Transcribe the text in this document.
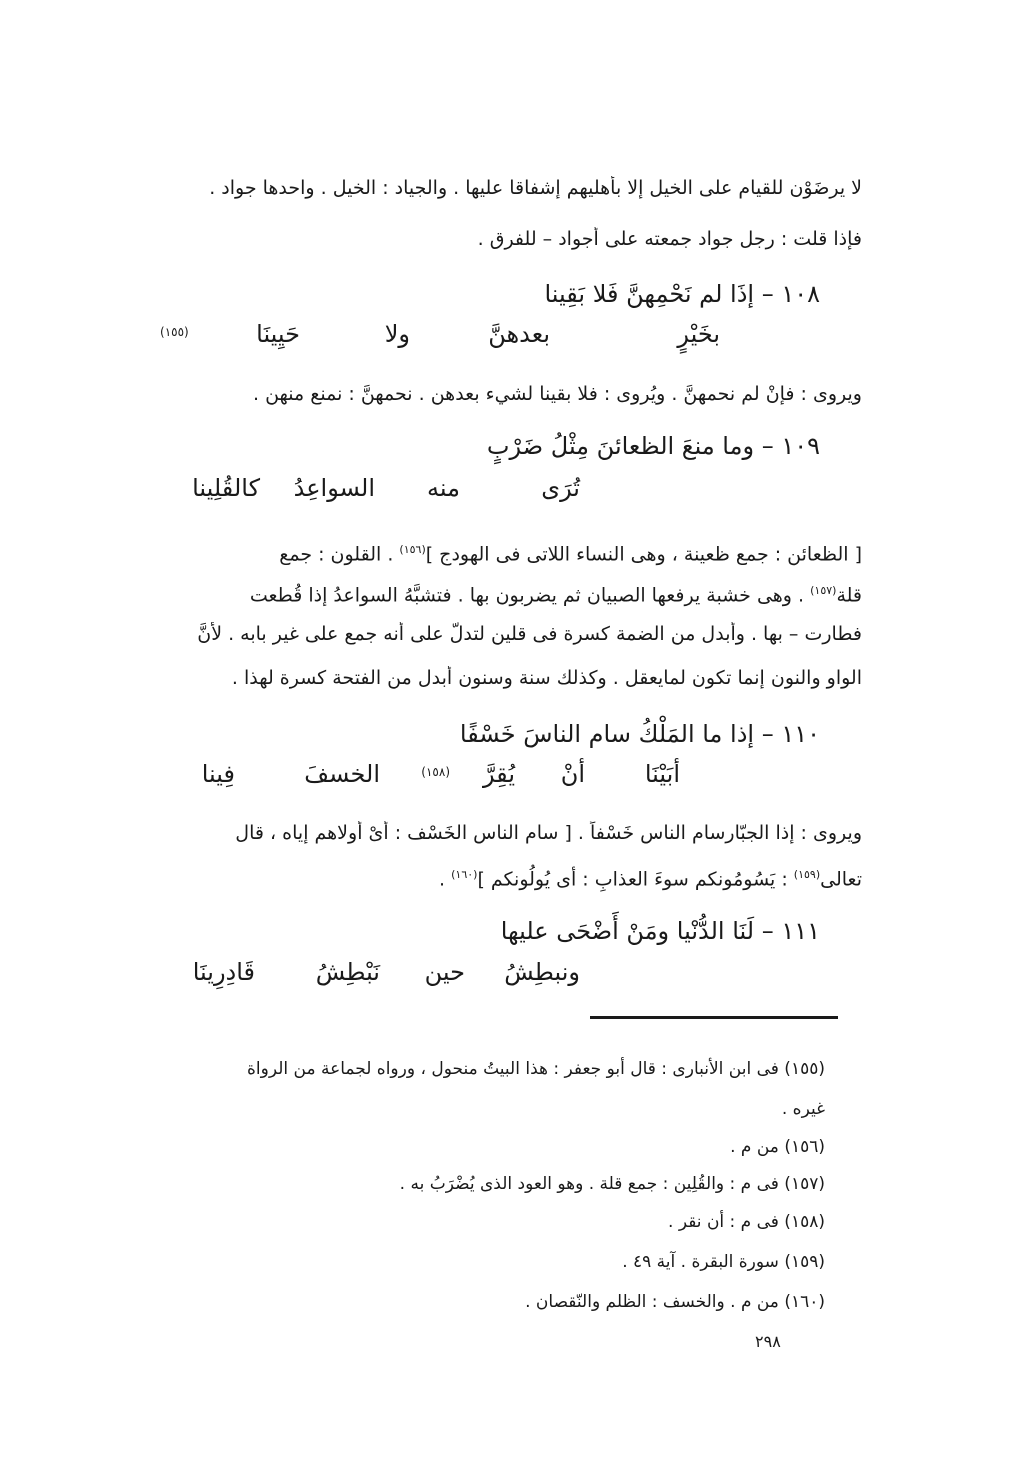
لا يرضَوْن للقيام على الخيل إلا بأهليهم إشفاقا عليها . والجياد : الخيل . واحدها جواد .
فإذا قلت : رجل جواد جمعته على أجواد – للفرق .
١٠٨ – إذَا لم نَحْمِهنَّ فَلا بَقِينا
بخَيْرٍ
بعدهنَّ
ولا
حَيِينَا
(١٥٥)
ويروى : فإنْ لم نحمهنَّ . ويُروى : فلا بقينا لشيء بعدهن . نحمهنَّ : نمنع منهن .
١٠٩ – وما منعَ الظعائنَ مِثْلُ ضَرْبٍ
تُرَى
منه
السواعِدُ
كالقُلِينا
[ الظعائن : جمع ظعينة ، وهى النساء اللاتى فى الهودج ]$^{(١٥٦)}$ . القلون : جمع
قلة$^{(١٥٧)}$ . وهى خشبة يرفعها الصبيان ثم يضربون بها . فتشبَّهُ السواعدُ إذا قُطعت
فطارت – بها . وأبدل من الضمة كسرة فى قلين لتدلّ على أنه جمع على غير بابه . لأنَّ
الواو والنون إنما تكون لمايعقل . وكذلك سنة وسنون أبدل من الفتحة كسرة لهذا .
١١٠ – إذا ما المَلْكُ سام الناسَ خَسْفًا
أبَيْنَا
أنْ
يُقِرَّ
(١٥٨)
الخسفَ
فِينا
ويروى : إذا الجبّارسام الناس خَسْفاً . [ سام الناس الخَسْف : أىْ أولاهم إياه ، قال
تعالى$^{(١٥٩)}$ : يَسُومُونكم سوءَ العذابِ : أى يُولُونكم ]$^{(١٦٠)}$ .
١١١ – لَنَا الدُّنْيا ومَنْ أَضْحَى عليها
ونبطِشُ
حين
نَبْطِشُ
قَادِرِينَا
(١٥٥) فى ابن الأنبارى : قال أبو جعفر : هذا البيتُ منحول ، ورواه لجماعة من الرواة
غيره .
(١٥٦) من م .
(١٥٧) فى م : والقُلِين : جمع قلة . وهو العود الذى يُضْرَبُ به .
(١٥٨) فى م : أن نقر .
(١٥٩) سورة البقرة . آية ٤٩ .
(١٦٠) من م . والخسف : الظلم والنّقصان .
٢٩٨
